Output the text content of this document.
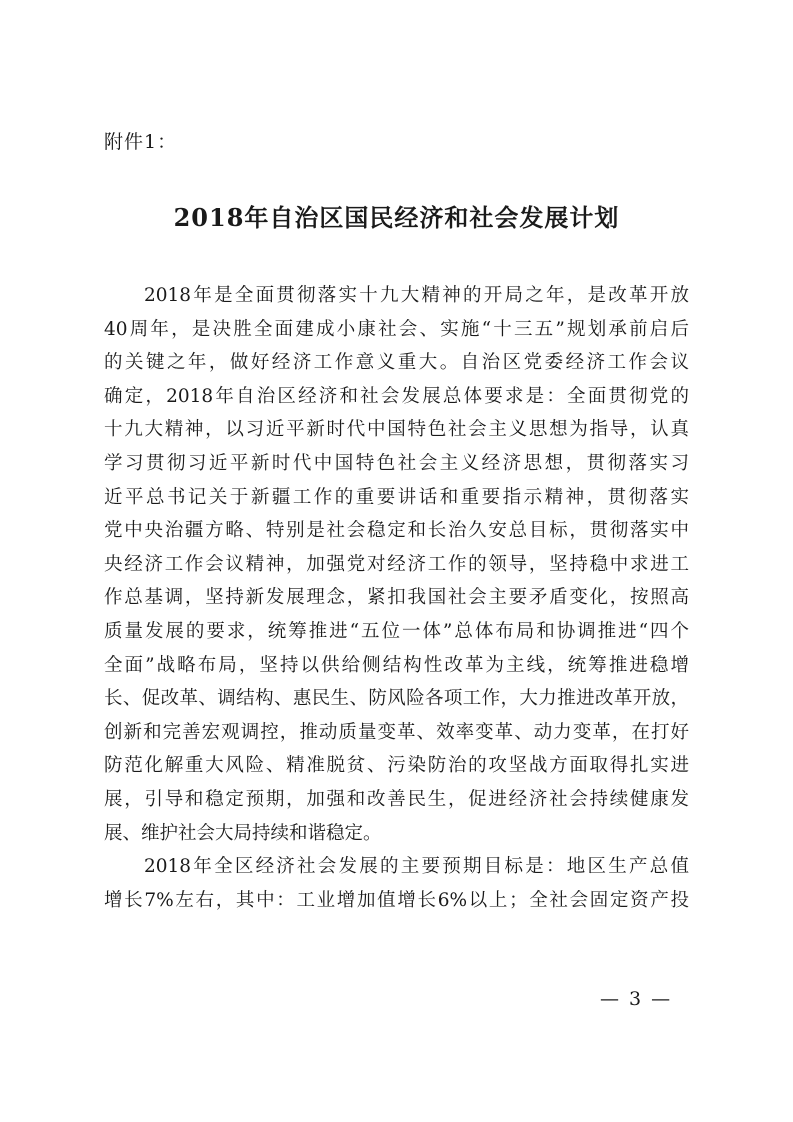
附件1：
2018年自治区国民经济和社会发展计划
2018年是全面贯彻落实十九大精神的开局之年，是改革开放
40周年，是决胜全面建成小康社会、实施“十三五”规划承前启后
的关键之年，做好经济工作意义重大。自治区党委经济工作会议
确定，2018年自治区经济和社会发展总体要求是：全面贯彻党的
十九大精神，以习近平新时代中国特色社会主义思想为指导，认真
学习贯彻习近平新时代中国特色社会主义经济思想，贯彻落实习
近平总书记关于新疆工作的重要讲话和重要指示精神，贯彻落实
党中央治疆方略、特别是社会稳定和长治久安总目标，贯彻落实中
央经济工作会议精神，加强党对经济工作的领导，坚持稳中求进工
作总基调，坚持新发展理念，紧扣我国社会主要矛盾变化，按照高
质量发展的要求，统筹推进“五位一体”总体布局和协调推进“四个
全面”战略布局，坚持以供给侧结构性改革为主线，统筹推进稳增
长、促改革、调结构、惠民生、防风险各项工作，大力推进改革开放，
创新和完善宏观调控，推动质量变革、效率变革、动力变革，在打好
防范化解重大风险、精准脱贫、污染防治的攻坚战方面取得扎实进
展，引导和稳定预期，加强和改善民生，促进经济社会持续健康发
展、维护社会大局持续和谐稳定。
2018年全区经济社会发展的主要预期目标是：地区生产总值
增长7%左右，其中：工业增加值增长6%以上；全社会固定资产投
— 3 —
